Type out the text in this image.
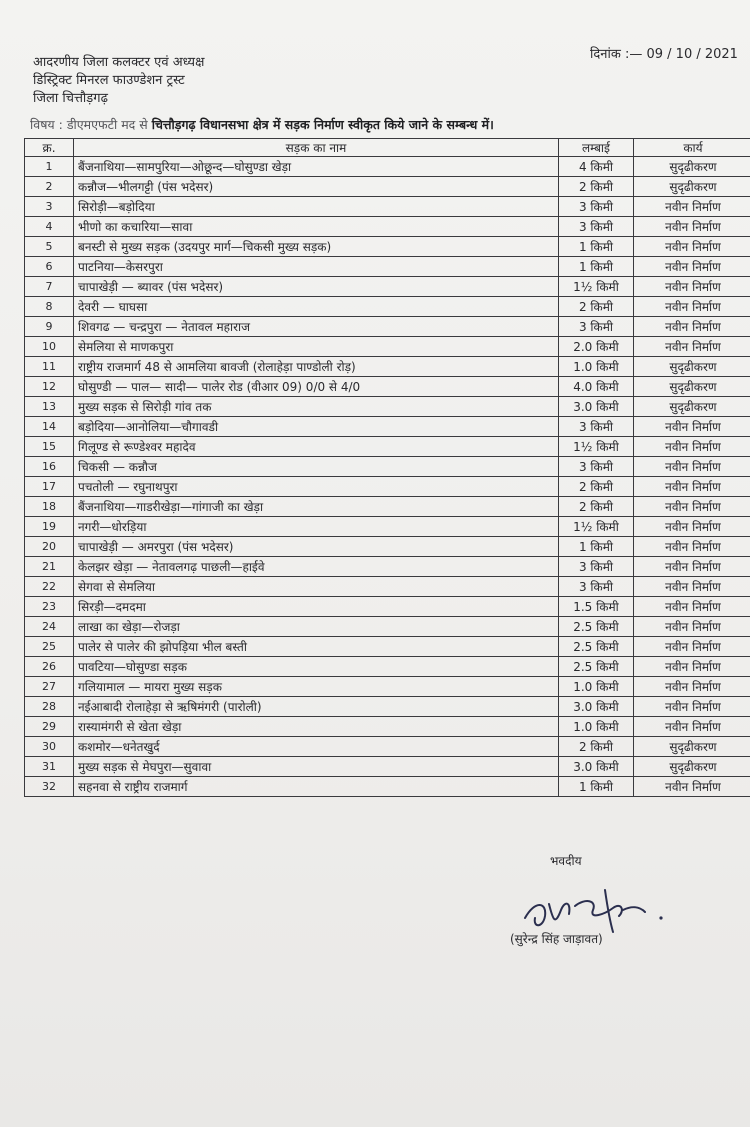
दिनांक :— 09 / 10 / 2021
आदरणीय जिला कलक्टर एवं अध्यक्ष
डिस्ट्रिक्ट मिनरल फाउण्डेशन ट्रस्ट
जिला चित्तौड़गढ़
विषय : डीएमएफटी मद से चित्तौड़गढ़ विधानसभा क्षेत्र में सड़क निर्माण स्वीकृत किये जाने के सम्बन्ध में।
क्र.	सड़क का नाम	लम्बाई	कार्य
1	बैंजनाथिया—सामपुरिया—ओछून्द—घोसुण्डा खेड़ा	4 किमी	सुदृढीकरण
2	कन्नौज—भीलगट्टी (पंस भदेसर)	2 किमी	सुदृढीकरण
3	सिरोड़ी—बड़ोदिया	3 किमी	नवीन निर्माण
4	भीणो का कचारिया—सावा	3 किमी	नवीन निर्माण
5	बनस्टी से मुख्य सड़क (उदयपुर मार्ग—चिकसी मुख्य सड़क)	1 किमी	नवीन निर्माण
6	पाटनिया—केसरपुरा	1 किमी	नवीन निर्माण
7	चापाखेड़ी — ब्यावर (पंस भदेसर)	1½ किमी	नवीन निर्माण
8	देवरी — घाघसा	2 किमी	नवीन निर्माण
9	शिवगढ — चन्द्रपुरा — नेतावल महाराज	3 किमी	नवीन निर्माण
10	सेमलिया से माणकपुरा	2.0 किमी	नवीन निर्माण
11	राष्ट्रीय राजमार्ग 48 से आमलिया बावजी (रोलाहेड़ा पाण्डोली रोड़)	1.0 किमी	सुदृढीकरण
12	घोसुण्डी — पाल— सादी— पालेर रोड (वीआर 09) 0/0 से 4/0	4.0 किमी	सुदृढीकरण
13	मुख्य सड़क से सिरोड़ी गांव तक	3.0 किमी	सुदृढीकरण
14	बड़ोदिया—आनोलिया—चौगावडी	3 किमी	नवीन निर्माण
15	गिलूण्ड से रूण्डेश्वर महादेव	1½ किमी	नवीन निर्माण
16	चिकसी — कन्नौज	3 किमी	नवीन निर्माण
17	पचतोली — रघुनाथपुरा	2 किमी	नवीन निर्माण
18	बैंजनाथिया—गाडरीखेड़ा—गांगाजी का खेड़ा	2 किमी	नवीन निर्माण
19	नगरी—धोरड़िया	1½ किमी	नवीन निर्माण
20	चापाखेड़ी — अमरपुरा (पंस भदेसर)	1 किमी	नवीन निर्माण
21	केलझर खेड़ा — नेतावलगढ़ पाछली—हाईवे	3 किमी	नवीन निर्माण
22	सेगवा से सेमलिया	3 किमी	नवीन निर्माण
23	सिरड़ी—दमदमा	1.5 किमी	नवीन निर्माण
24	लाखा का खेड़ा—रोजड़ा	2.5 किमी	नवीन निर्माण
25	पालेर से पालेर की झोपड़िया भील बस्ती	2.5 किमी	नवीन निर्माण
26	पावटिया—घोसुण्डा सड़क	2.5 किमी	नवीन निर्माण
27	गलियामाल — मायरा मुख्य सड़क	1.0 किमी	नवीन निर्माण
28	नईआबादी रोलाहेड़ा से ऋषिमंगरी (पारोली)	3.0 किमी	नवीन निर्माण
29	रास्यामंगरी से खेता खेड़ा	1.0 किमी	नवीन निर्माण
30	कशमोर—धनेतखुर्द	2 किमी	सुदृढीकरण
31	मुख्य सड़क से मेघपुरा—सुवावा	3.0 किमी	सुदृढीकरण
32	सहनवा से राष्ट्रीय राजमार्ग	1 किमी	नवीन निर्माण
भवदीय
(सुरेन्द्र सिंह जाड़ावत)
